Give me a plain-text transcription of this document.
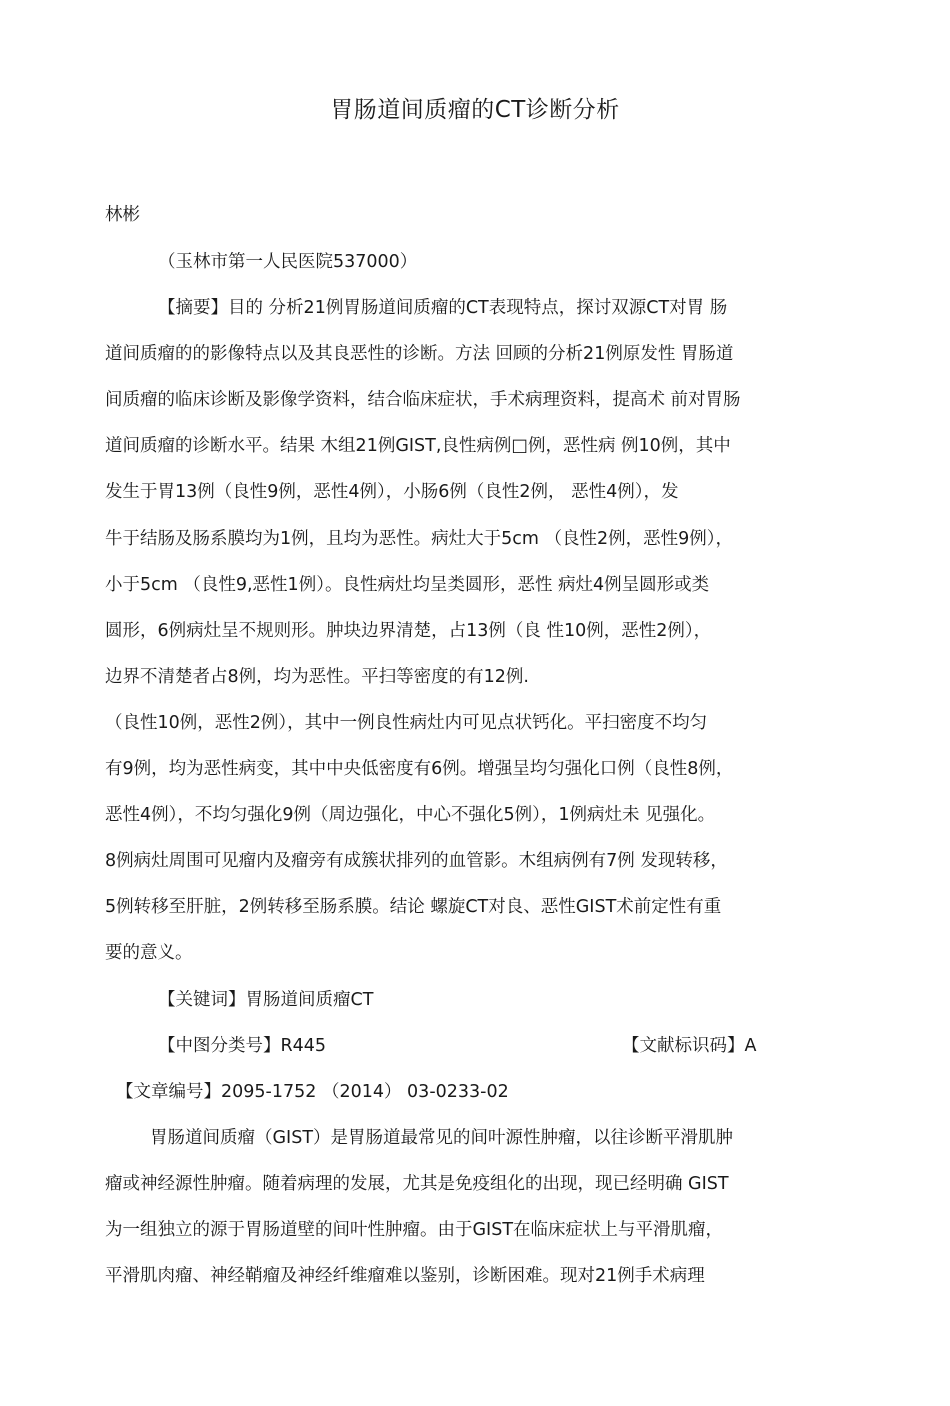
胃肠道间质瘤的CT诊断分析
林彬
（玉林市第一人民医院537000）
【摘要】目的 分析21例胃肠道间质瘤的CT表现特点，探讨双源CT对胃 肠
道间质瘤的的影像特点以及其良恶性的诊断。方法 回顾的分析21例原发性 胃肠道
间质瘤的临床诊断及影像学资料，结合临床症状，手术病理资料，提高术 前对胃肠
道间质瘤的诊断水平。结果 木组21例GIST,良性病例□例，恶性病 例10例，其中
发生于胃13例（良性9例，恶性4例），小肠6例（良性2例， 恶性4例），发
牛于结肠及肠系膜均为1例，且均为恶性。病灶大于5cm （良性2例，恶性9例），
小于5cm （良性9,恶性1例）。良性病灶均呈类圆形，恶性 病灶4例呈圆形或类
圆形，6例病灶呈不规则形。肿块边界清楚，占13例（良 性10例，恶性2例），
边界不清楚者占8例，均为恶性。平扫等密度的有12例.
（良性10例，恶性2例），其中一例良性病灶内可见点状钙化。平扫密度不均匀
有9例，均为恶性病变，其中中央低密度有6例。增强呈均匀强化口例（良性8例，
恶性4例），不均匀强化9例（周边强化，中心不强化5例），1例病灶未 见强化。
8例病灶周围可见瘤内及瘤旁有成簇状排列的血管影。木组病例有7例 发现转移，
5例转移至肝脏，2例转移至肠系膜。结论 螺旋CT对良、恶性GIST术前定性有重
要的意义。
【关键词】胃肠道间质瘤CT
【中图分类号】R445	【文献标识码】A
【文章编号】2095-1752 （2014） 03-0233-02
胃肠道间质瘤（GIST）是胃肠道最常见的间叶源性肿瘤，以往诊断平滑肌肿
瘤或神经源性肿瘤。随着病理的发展，尤其是免疫组化的出现，现已经明确 GIST
为一组独立的源于胃肠道壁的间叶性肿瘤。由于GIST在临床症状上与平滑肌瘤，
平滑肌肉瘤、神经鞘瘤及神经纤维瘤难以鉴别，诊断困难。现对21例手术病理
